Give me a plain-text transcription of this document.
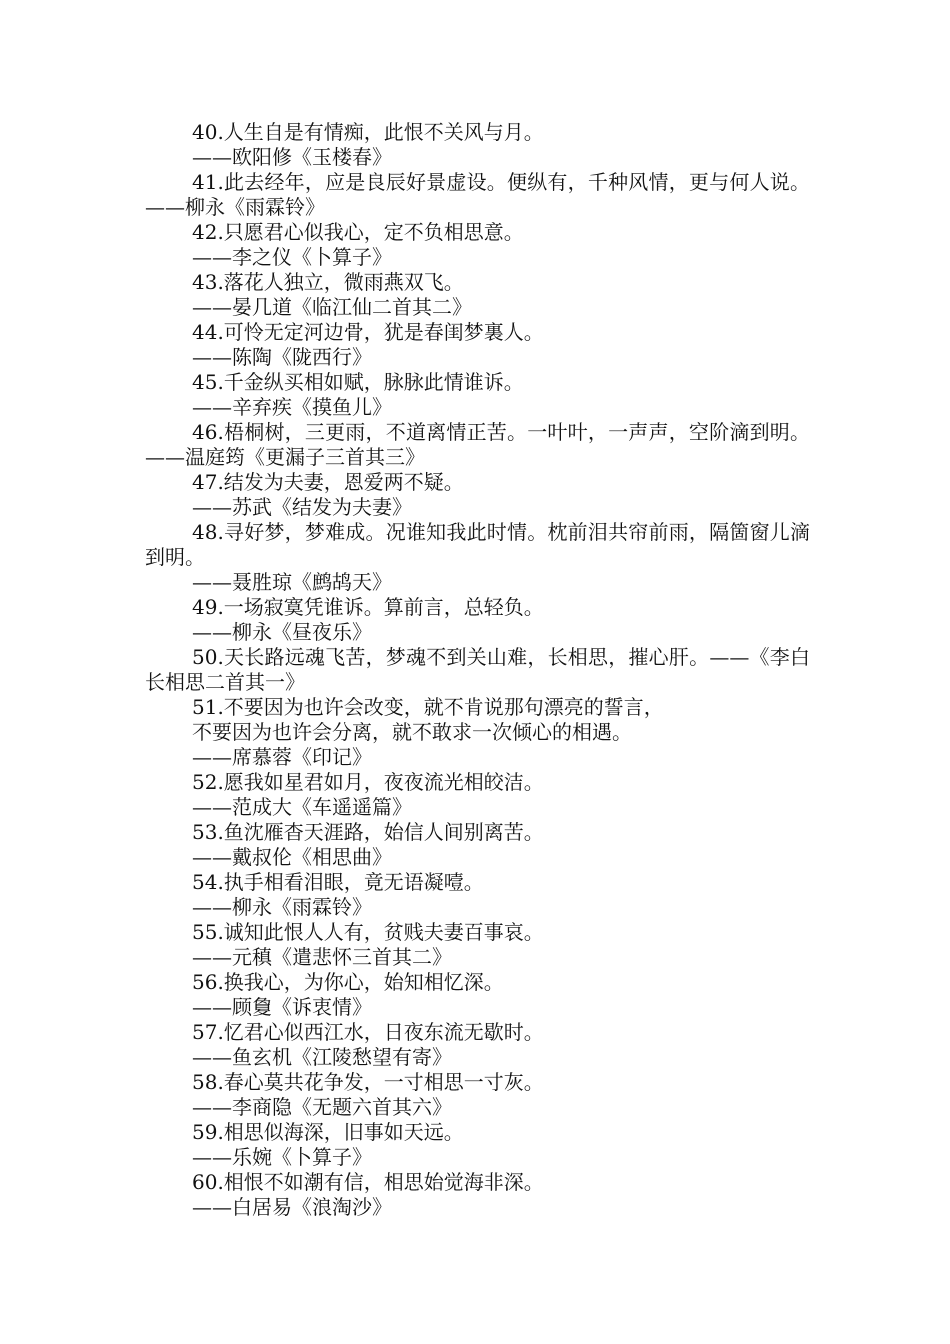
40.人生自是有情痴，此恨不关风与月。
——欧阳修《玉楼春》
41.此去经年，应是良辰好景虚设。便纵有，千种风情，更与何人说。——柳永《雨霖铃》
42.只愿君心似我心，定不负相思意。
——李之仪《卜算子》
43.落花人独立，微雨燕双飞。
——晏几道《临江仙二首其二》
44.可怜无定河边骨，犹是春闺梦裏人。
——陈陶《陇西行》
45.千金纵买相如赋，脉脉此情谁诉。
——辛弃疾《摸鱼儿》
46.梧桐树，三更雨，不道离情正苦。一叶叶，一声声，空阶滴到明。——温庭筠《更漏子三首其三》
47.结发为夫妻，恩爱两不疑。
——苏武《结发为夫妻》
48.寻好梦，梦难成。况谁知我此时情。枕前泪共帘前雨，隔箇窗儿滴到明。
——聂胜琼《鹧鸪天》
49.一场寂寞凭谁诉。算前言，总轻负。
——柳永《昼夜乐》
50.天长路远魂飞苦，梦魂不到关山难，长相思，摧心肝。——《李白长相思二首其一》
51.不要因为也许会改变，就不肯说那句漂亮的誓言，
不要因为也许会分离，就不敢求一次倾心的相遇。
——席慕蓉《印记》
52.愿我如星君如月，夜夜流光相皎洁。
——范成大《车遥遥篇》
53.鱼沈雁杳天涯路，始信人间别离苦。
——戴叔伦《相思曲》
54.执手相看泪眼，竟无语凝噎。
——柳永《雨霖铃》
55.诚知此恨人人有，贫贱夫妻百事哀。
——元稹《遣悲怀三首其二》
56.换我心，为你心，始知相忆深。
——顾敻《诉衷情》
57.忆君心似西江水，日夜东流无歇时。
——鱼玄机《江陵愁望有寄》
58.春心莫共花争发，一寸相思一寸灰。
——李商隐《无题六首其六》
59.相思似海深，旧事如天远。
——乐婉《卜算子》
60.相恨不如潮有信，相思始觉海非深。
——白居易《浪淘沙》
